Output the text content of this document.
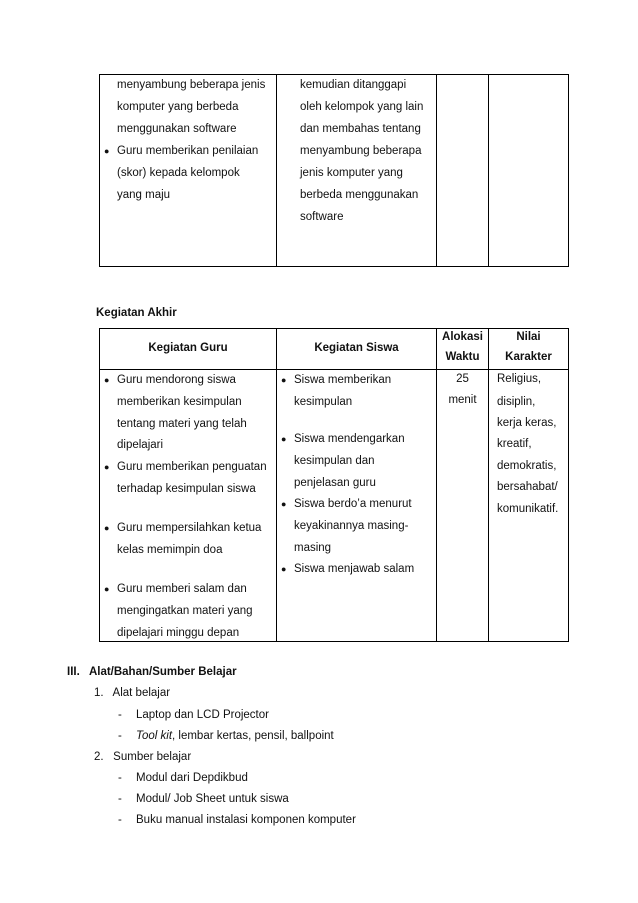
menyambung beberapa jenis
komputer yang berbeda
menggunakan software
● Guru memberikan penilaian
(skor) kepada kelompok
yang maju
kemudian ditanggapi
oleh kelompok yang lain
dan membahas tentang
menyambung beberapa
jenis komputer yang
berbeda menggunakan
software
Kegiatan Akhir
Kegiatan Guru	Kegiatan Siswa
Alokasi
Waktu
Nilai
Karakter
● Guru mendorong siswa
memberikan kesimpulan
tentang materi yang telah
dipelajari
● Guru memberikan penguatan
terhadap kesimpulan siswa
● Guru mempersilahkan ketua
kelas memimpin doa
● Guru memberi salam dan
mengingatkan materi yang
dipelajari minggu depan
● Siswa memberikan
kesimpulan
● Siswa mendengarkan
kesimpulan dan
penjelasan guru
● Siswa berdo’a menurut
keyakinannya masing-
masing
● Siswa menjawab salam
25
menit
Religius,
disiplin,
kerja keras,
kreatif,
demokratis,
bersahabat/
komunikatif.
III.   Alat/Bahan/Sumber Belajar
1.   Alat belajar
- Laptop dan LCD Projector
- Tool kit, lembar kertas, pensil, ballpoint
2.   Sumber belajar
- Modul dari Depdikbud
- Modul/ Job Sheet untuk siswa
- Buku manual instalasi komponen komputer
